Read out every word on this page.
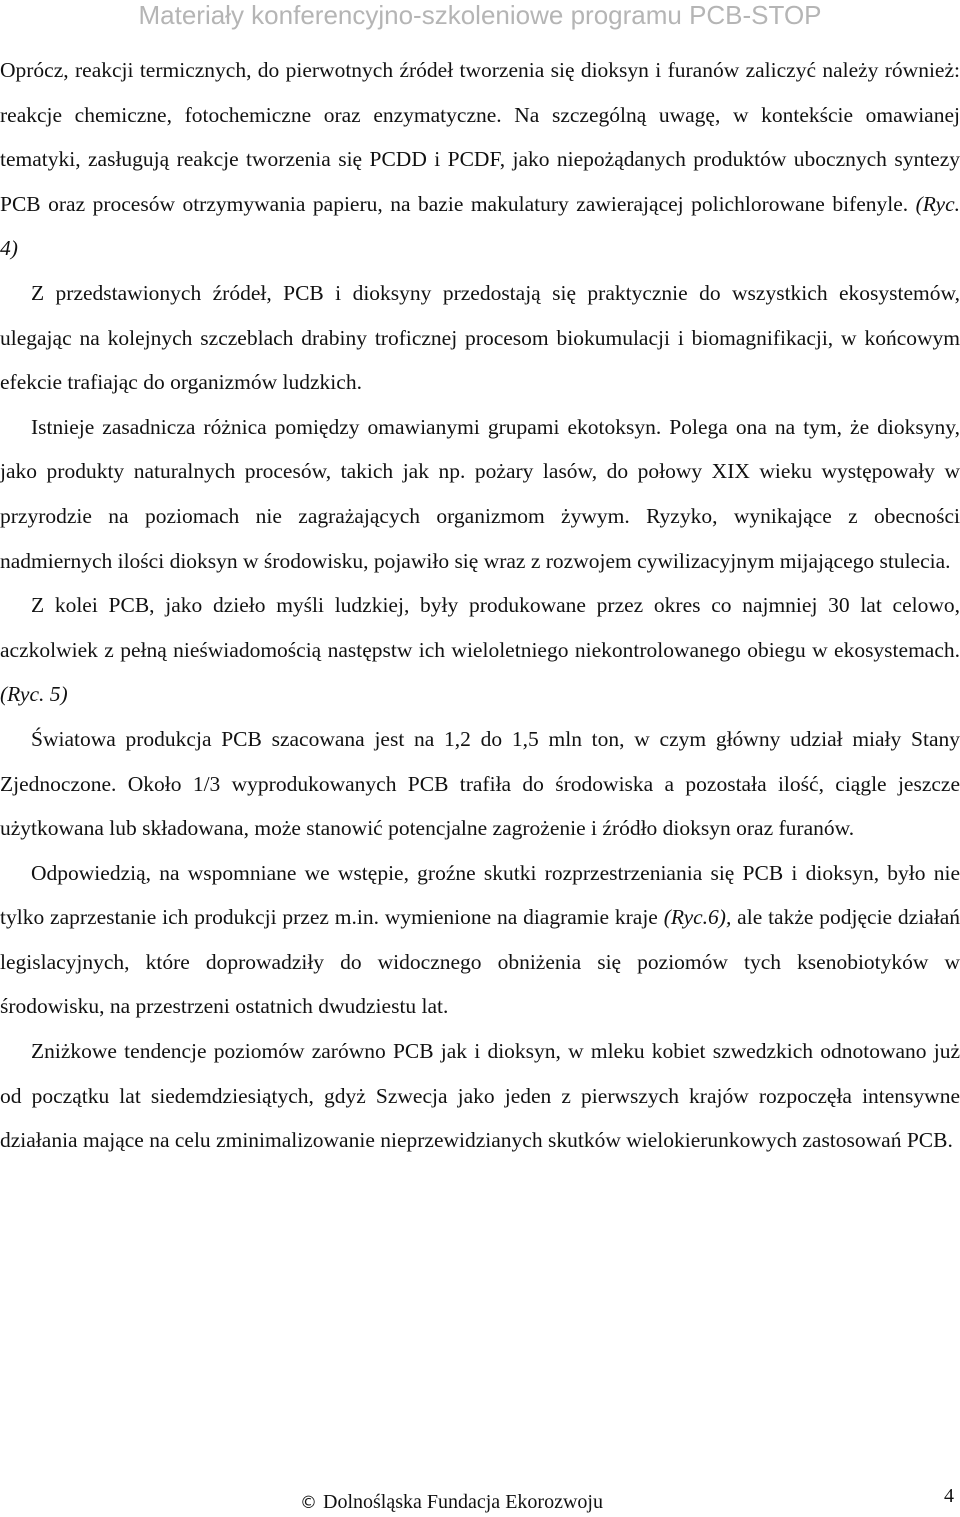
Materiały konferencyjno-szkoleniowe programu PCB-STOP

Oprócz, reakcji termicznych, do pierwotnych źródeł tworzenia się dioksyn i furanów zaliczyć należy również: reakcje chemiczne, fotochemiczne oraz enzymatyczne. Na szczególną uwagę, w kontekście omawianej tematyki, zasługują reakcje tworzenia się PCDD i PCDF, jako niepożądanych produktów ubocznych syntezy PCB oraz procesów otrzymywania papieru, na bazie makulatury zawierającej polichlorowane bifenyle. (Ryc. 4)

Z przedstawionych źródeł, PCB i dioksyny przedostają się praktycznie do wszystkich ekosystemów, ulegając na kolejnych szczeblach drabiny troficznej procesom biokumulacji i biomagnifikacji, w końcowym efekcie trafiając do organizmów ludzkich.

Istnieje zasadnicza różnica pomiędzy omawianymi grupami ekotoksyn. Polega ona na tym, że dioksyny, jako produkty naturalnych procesów, takich jak np. pożary lasów, do połowy XIX wieku występowały w przyrodzie na poziomach nie zagrażających organizmom żywym. Ryzyko, wynikające z obecności nadmiernych ilości dioksyn w środowisku, pojawiło się wraz z rozwojem cywilizacyjnym mijającego stulecia.

Z kolei PCB, jako dzieło myśli ludzkiej, były produkowane przez okres co najmniej 30 lat celowo, aczkolwiek z pełną nieświadomością następstw ich wieloletniego niekontrolowanego obiegu w ekosystemach. (Ryc. 5)

Światowa produkcja PCB szacowana jest na 1,2 do 1,5 mln ton, w czym główny udział miały Stany Zjednoczone. Około 1/3 wyprodukowanych PCB trafiła do środowiska a pozostała ilość, ciągle jeszcze użytkowana lub składowana, może stanowić potencjalne zagrożenie i źródło dioksyn oraz furanów.

Odpowiedzią, na wspomniane we wstępie, groźne skutki rozprzestrzeniania się PCB i dioksyn, było nie tylko zaprzestanie ich produkcji przez m.in. wymienione na diagramie kraje (Ryc.6), ale także podjęcie działań legislacyjnych, które doprowadziły do widocznego obniżenia się poziomów tych ksenobiotyków w środowisku, na przestrzeni ostatnich dwudziestu lat.

Zniżkowe tendencje poziomów zarówno PCB jak i dioksyn, w mleku kobiet szwedzkich odnotowano już od początku lat siedemdziesiątych, gdyż Szwecja jako jeden z pierwszych krajów rozpoczęła intensywne działania mające na celu zminimalizowanie nieprzewidzianych skutków wielokierunkowych zastosowań PCB.

© Dolnośląska Fundacja Ekorozwoju	4
